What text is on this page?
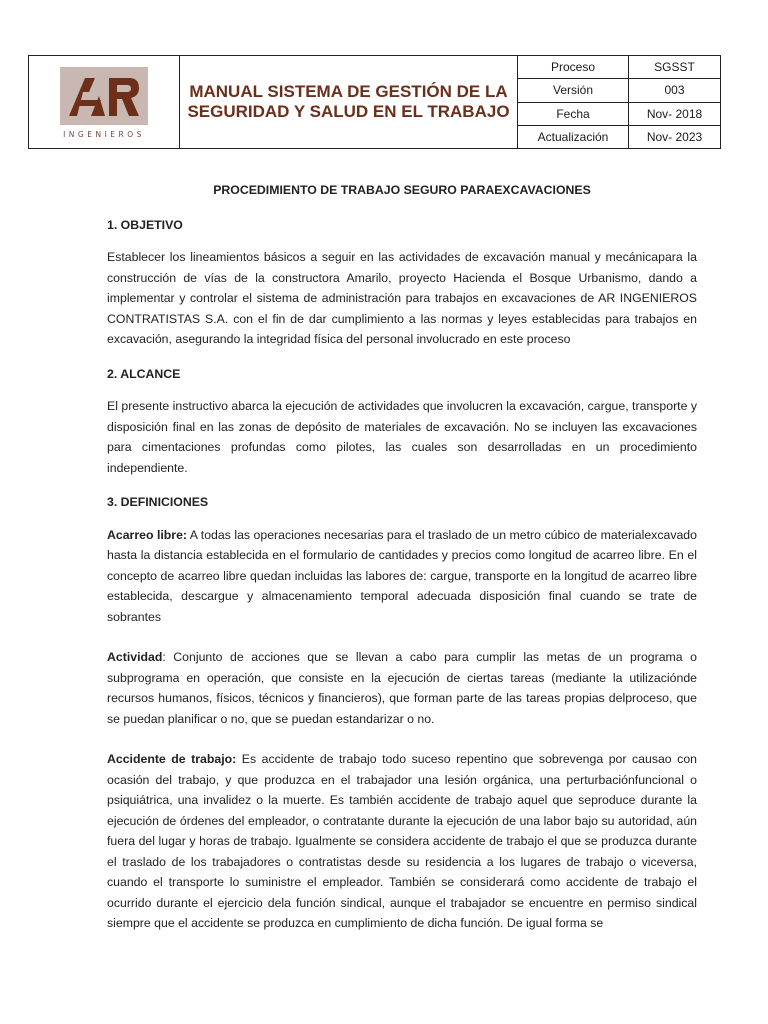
INGENIEROS
MANUAL SISTEMA DE GESTIÓN DE LA
SEGURIDAD Y SALUD EN EL TRABAJO
Proceso	SGSST
Versión	003
Fecha	Nov- 2018
Actualización	Nov- 2023
PROCEDIMIENTO DE TRABAJO SEGURO PARAEXCAVACIONES
1. OBJETIVO

Establecer los lineamientos básicos a seguir en las actividades de excavación manual y mecánicapara la construcción de vías de la constructora Amarilo, proyecto Hacienda el Bosque Urbanismo, dando a implementar y controlar el sistema de administración para trabajos en excavaciones de AR INGENIEROS CONTRATISTAS S.A. con el fin de dar cumplimiento a las normas y leyes establecidas para trabajos en excavación, asegurando la integridad física del personal involucrado en este proceso

2. ALCANCE

El presente instructivo abarca la ejecución de actividades que involucren la excavación, cargue, transporte y disposición final en las zonas de depósito de materiales de excavación. No se incluyen las excavaciones para cimentaciones profundas como pilotes, las cuales son desarrolladas en un procedimiento independiente.

3. DEFINICIONES

Acarreo libre: A todas las operaciones necesarias para el traslado de un metro cúbico de materialexcavado hasta la distancia establecida en el formulario de cantidades y precios como longitud de acarreo libre. En el concepto de acarreo libre quedan incluidas las labores de: cargue, transporte en la longitud de acarreo libre establecida, descargue y almacenamiento temporal adecuada disposición final cuando se trate de sobrantes

Actividad: Conjunto de acciones que se llevan a cabo para cumplir las metas de un programa o subprograma en operación, que consiste en la ejecución de ciertas tareas (mediante la utilizaciónde recursos humanos, físicos, técnicos y financieros), que forman parte de las tareas propias delproceso, que se puedan planificar o no, que se puedan estandarizar o no.

Accidente de trabajo: Es accidente de trabajo todo suceso repentino que sobrevenga por causao con ocasión del trabajo, y que produzca en el trabajador una lesión orgánica, una perturbaciónfuncional o psiquiátrica, una invalidez o la muerte. Es también accidente de trabajo aquel que seproduce durante la ejecución de órdenes del empleador, o contratante durante la ejecución de una labor bajo su autoridad, aún fuera del lugar y horas de trabajo. Igualmente se considera accidente de trabajo el que se produzca durante el traslado de los trabajadores o contratistas desde su residencia a los lugares de trabajo o viceversa, cuando el transporte lo suministre el empleador. También se considerará como accidente de trabajo el ocurrido durante el ejercicio dela función sindical, aunque el trabajador se encuentre en permiso sindical siempre que el accidente se produzca en cumplimiento de dicha función. De igual forma se
